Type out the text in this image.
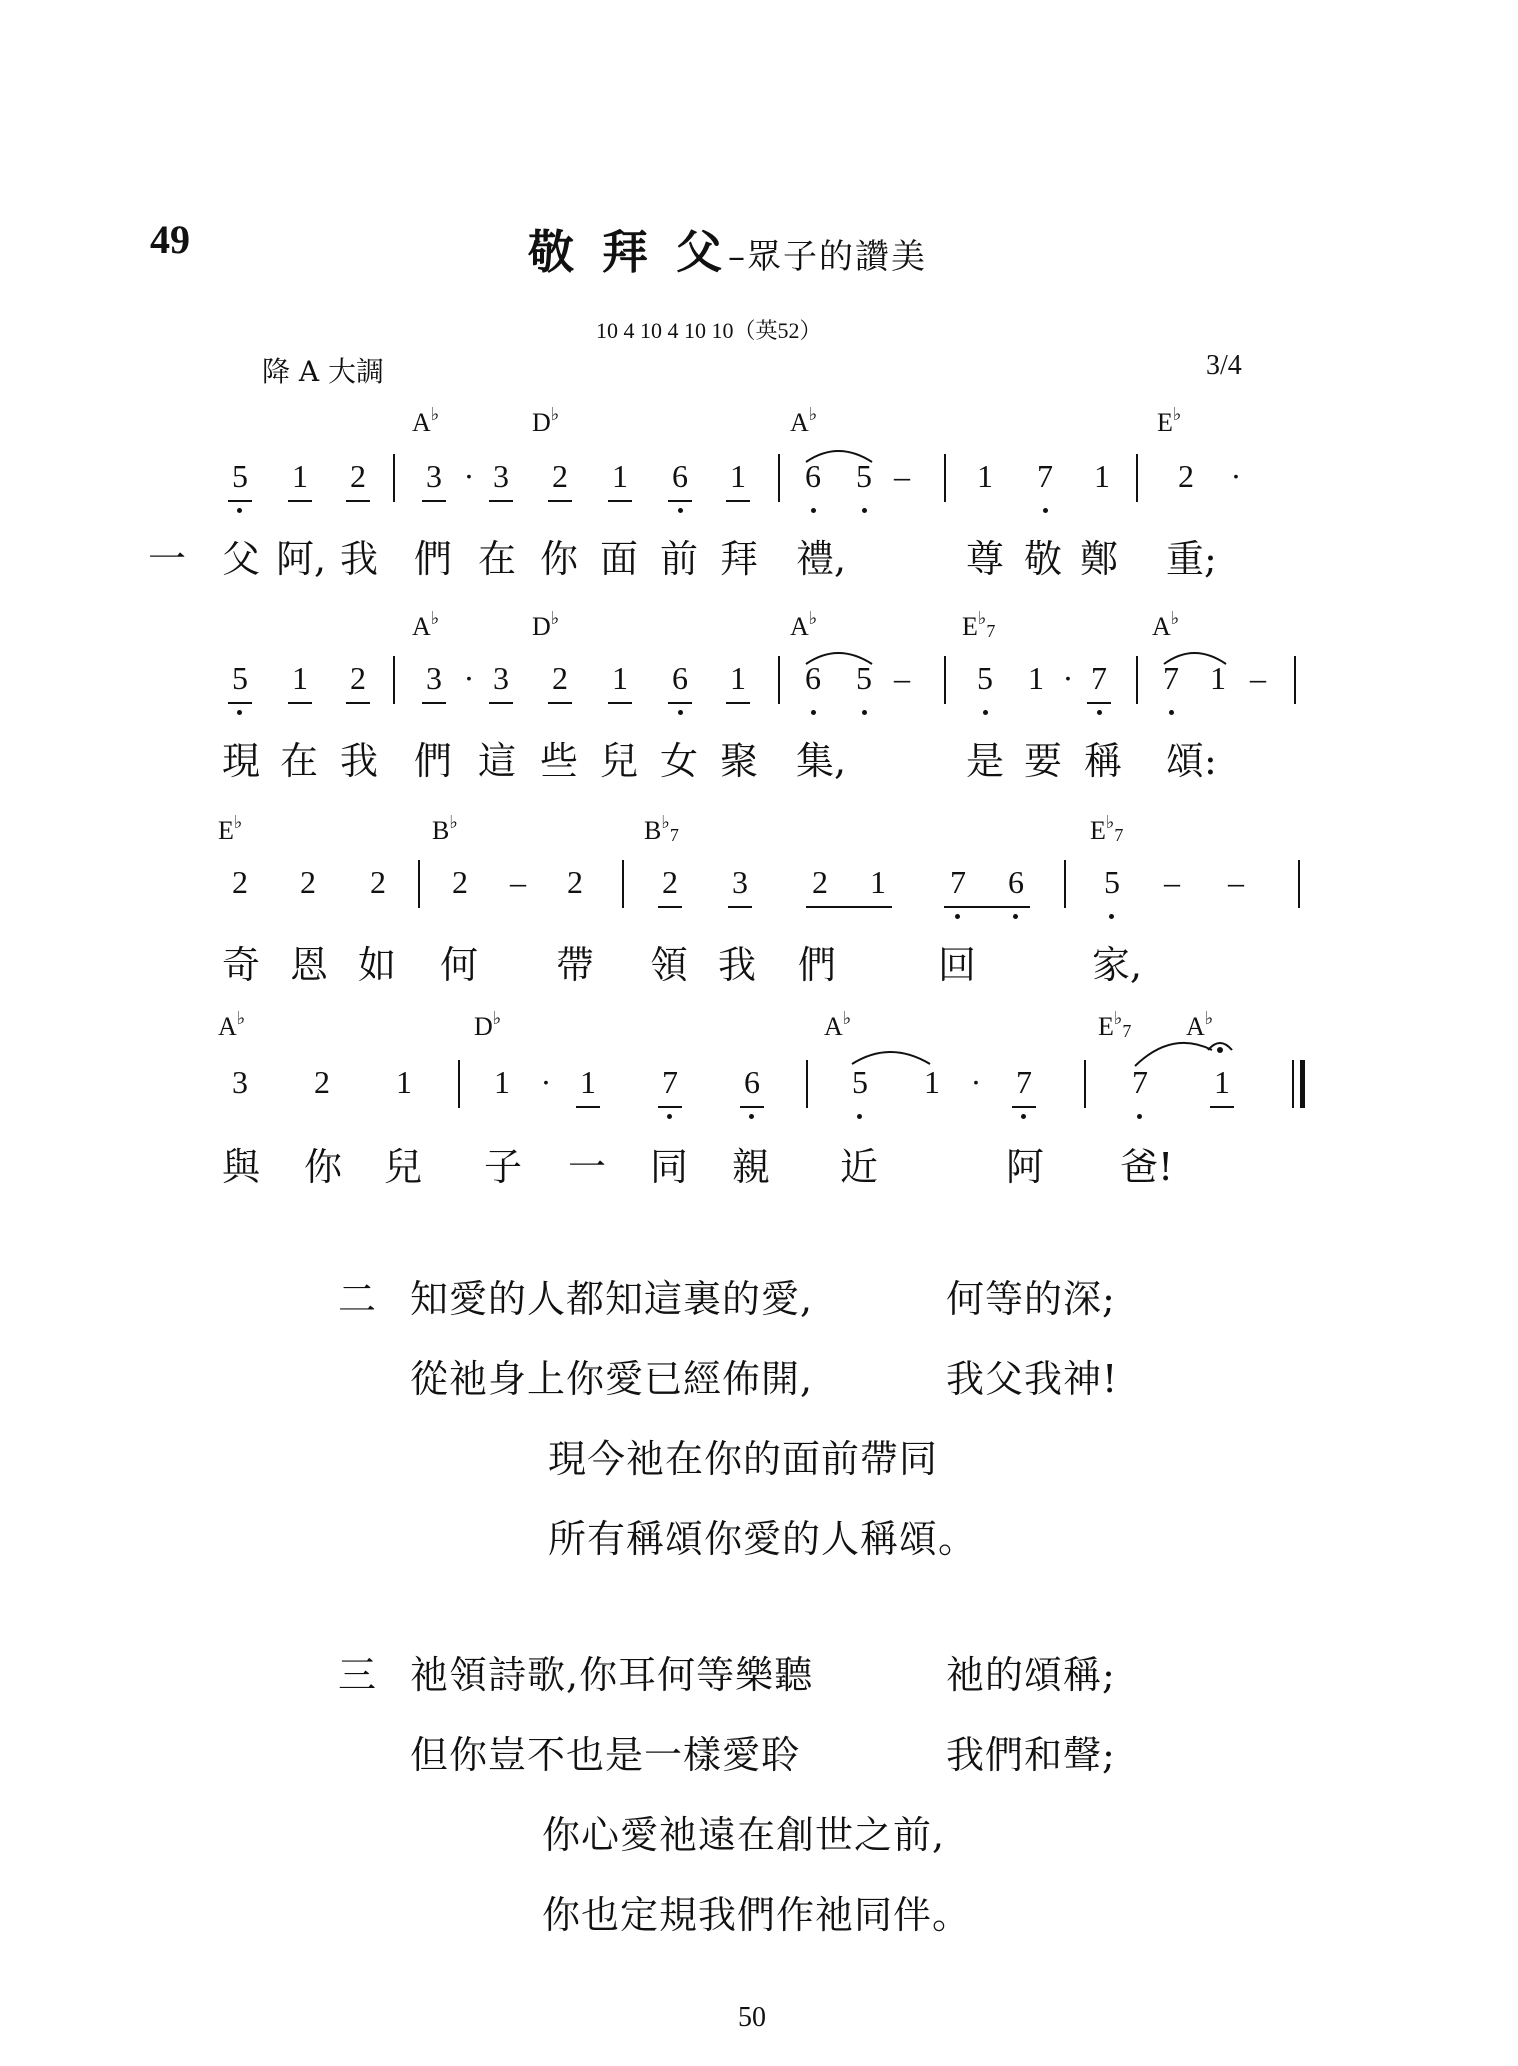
49	敬 拜 父–眾子的讚美
10 4 10 4 10 10（英52）
降 A 大調	3/4
A♭	D♭	A♭	E♭
5 1 2 3 · 3 2 1 6 1 6 5 – 1 7 1 2	·
一 父 阿, 我 們 在 你 面 前 拜 禮,	尊 敬 鄭 重;
A♭	D♭	A♭	E♭7	A♭
5 1 2 3 · 3 2 1 6 1 6 5 – 5 1 · 7 7 1 –
現 在 我 們 這 些 兒 女 聚 集,	是 要 稱 頌:
E♭	B♭	B♭7	E♭7
2 2 2 2 – 2 2 3 2 1 7 6	5 – –
奇 恩 如 何 帶 領 我 們	回	家,
A♭	D♭	A♭	E♭7 A♭
3 2 1	1 · 1 7 6	5 1 ·	7	7 1
與 你 兒 子 一 同 親 近	阿 爸!
二 知愛的人都知這裏的愛,	何等的深;
從祂身上你愛已經佈開,	我父我神!
現今祂在你的面前帶同
所有稱頌你愛的人稱頌。
三 祂領詩歌,你耳何等樂聽	祂的頌稱;
但你豈不也是一樣愛聆	我們和聲;
你心愛祂遠在創世之前,
你也定規我們作祂同伴。
50
